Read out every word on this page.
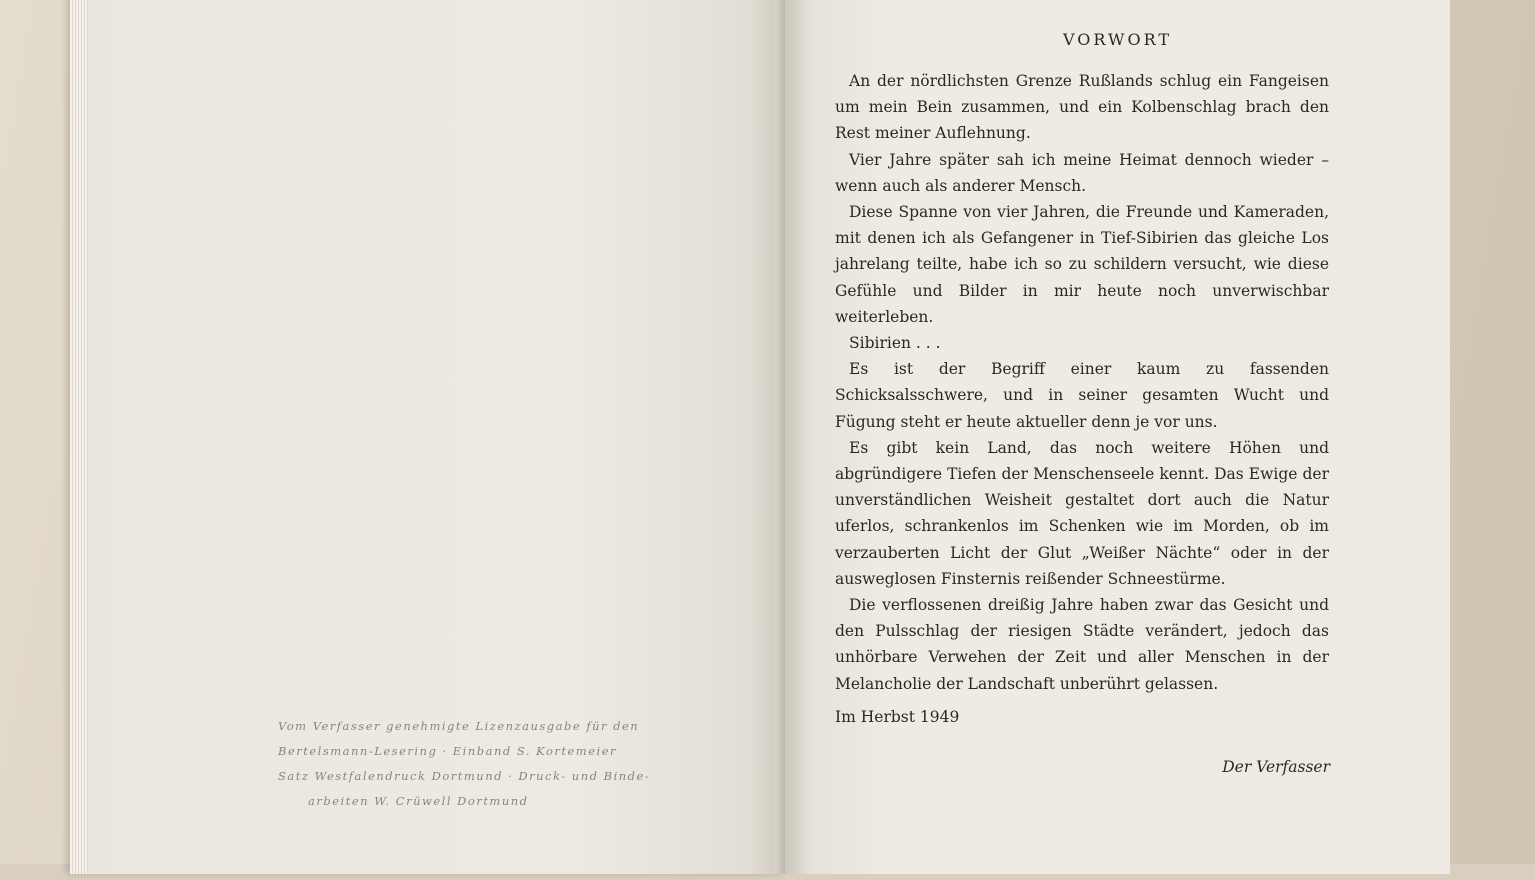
Vom Verfasser genehmigte Lizenzausgabe für den
Bertelsmann-Lesering · Einband S. Kortemeier
Satz Westfalendruck Dortmund · Druck- und Binde-
arbeiten W. Crüwell Dortmund
VORWORT

An der nördlichsten Grenze Rußlands schlug ein Fangeisen um mein Bein zusammen, und ein Kolbenschlag brach den Rest meiner Auflehnung.

Vier Jahre später sah ich meine Heimat dennoch wieder – wenn auch als anderer Mensch.

Diese Spanne von vier Jahren, die Freunde und Kameraden, mit denen ich als Gefangener in Tief-Sibirien das gleiche Los jahrelang teilte, habe ich so zu schildern versucht, wie diese Gefühle und Bilder in mir heute noch unverwischbar weiterleben.

Sibirien . . .

Es ist der Begriff einer kaum zu fassenden Schicksalsschwere, und in seiner gesamten Wucht und Fügung steht er heute aktueller denn je vor uns.

Es gibt kein Land, das noch weitere Höhen und abgründigere Tiefen der Menschenseele kennt. Das Ewige der unverständlichen Weisheit gestaltet dort auch die Natur uferlos, schrankenlos im Schenken wie im Morden, ob im verzauberten Licht der Glut „Weißer Nächte“ oder in der ausweglosen Finsternis reißender Schneestürme.

Die verflossenen dreißig Jahre haben zwar das Gesicht und den Pulsschlag der riesigen Städte verändert, jedoch das unhörbare Verwehen der Zeit und aller Menschen in der Melancholie der Landschaft unberührt gelassen.

Im Herbst 1949
Der Verfasser
